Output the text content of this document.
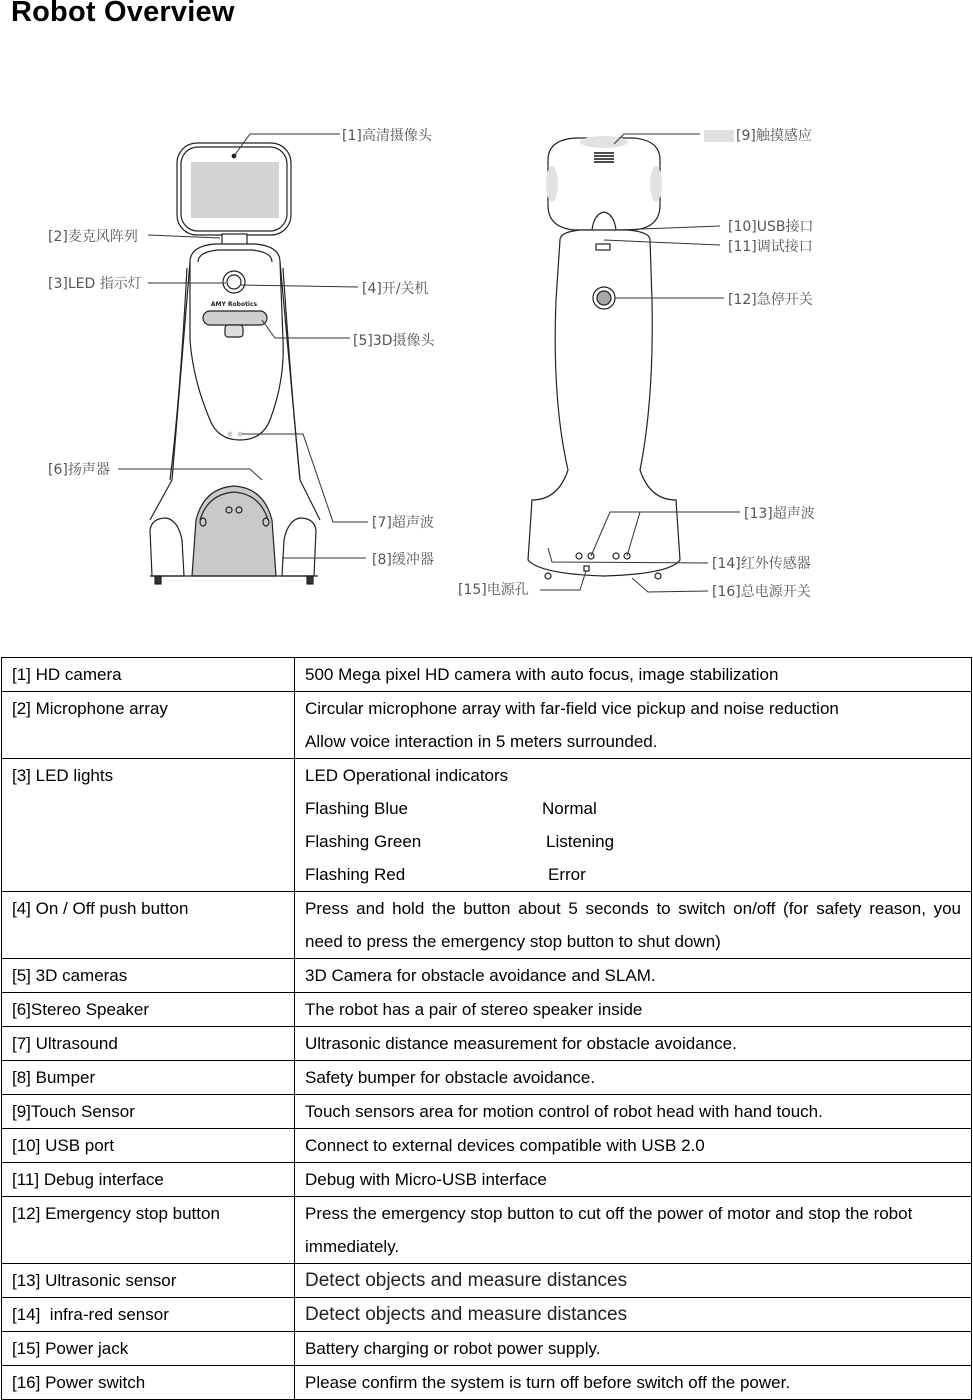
Robot Overview
AMY Robotics
[1]高清摄像头
[2]麦克风阵列
[3]LED 指示灯	[4]开/关机
[5]3D摄像头
[6]扬声器
[7]超声波
[8]缓冲器
[9]触摸感应
[10]USB接口
[11]调试接口
[12]急停开关
[13]超声波
[14]红外传感器
[15]电源孔	[16]总电源开关
[1] HD camera	500 Mega pixel HD camera with auto focus, image stabilization
[2] Microphone array	Circular microphone array with far-field vice pickup and noise reduction
Allow voice interaction in 5 meters surrounded.

[3] LED lights	LED Operational indicators
Flashing Blue	Normal
Flashing Green	Listening
Flashing Red	Error

[4] On / Off push button	Press and hold the button about 5 seconds to switch on/off (for safety reason, you need to press the emergency stop button to shut down)
[5] 3D cameras	3D Camera for obstacle avoidance and SLAM.
[6]Stereo Speaker	The robot has a pair of stereo speaker inside
[7] Ultrasound	Ultrasonic distance measurement for obstacle avoidance.
[8] Bumper	Safety bumper for obstacle avoidance.
[9]Touch Sensor	Touch sensors area for motion control of robot head with hand touch.
[10] USB port	Connect to external devices compatible with USB 2.0
[11] Debug interface	Debug with Micro-USB interface
[12] Emergency stop button	Press the emergency stop button to cut off the power of motor and stop the robot immediately.
[13] Ultrasonic sensor	Detect objects and measure distances
[14]  infra-red sensor	Detect objects and measure distances
[15] Power jack	Battery charging or robot power supply.
[16] Power switch	Please confirm the system is turn off before switch off the power.
